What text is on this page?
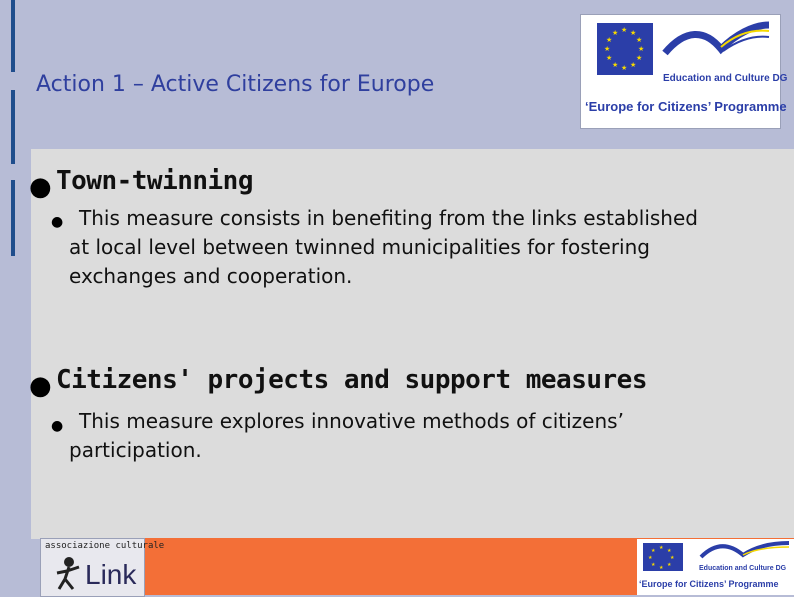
Action 1 – Active Citizens for Europe
★ ★
★
★
★
★
★
★
★
★
★
★
Education and Culture DG
‘Europe for Citizens’ Programme
● Town-twinning
● This measure consists in benefiting from the links established at local level between twinned municipalities for fostering exchanges and cooperation.
● Citizens' projects and support measures
● This measure explores innovative methods of citizens’ participation.
associazione culturale
Link
★ ★
★
★
★
★
★
★
Education and Culture DG
‘Europe for Citizens’ Programme
